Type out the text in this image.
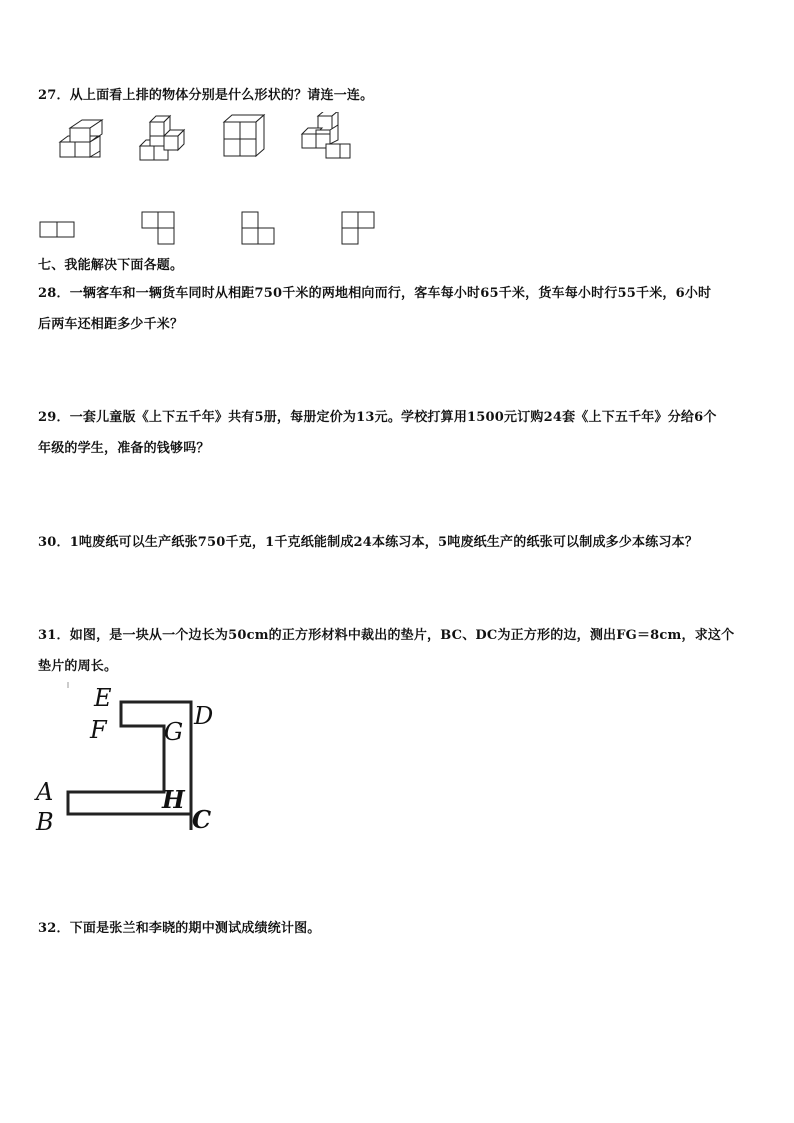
27．从上面看上排的物体分别是什么形状的？请连一连。
七、我能解决下面各题。
28．一辆客车和一辆货车同时从相距750千米的两地相向而行，客车每小时65千米，货车每小时行55千米，6小时
后两车还相距多少千米？
29．一套儿童版《上下五千年》共有5册，每册定价为13元。学校打算用1500元订购24套《上下五千年》分给6个
年级的学生，准备的钱够吗？
30．1吨废纸可以生产纸张750千克，1千克纸能制成24本练习本，5吨废纸生产的纸张可以制成多少本练习本？
31．如图，是一块从一个边长为50cm的正方形材料中裁出的垫片，BC、DC为正方形的边，测出FG＝8cm，求这个
垫片的周长。
E
F G
D
A
B
H
C
32．下面是张兰和李晓的期中测试成绩统计图。
